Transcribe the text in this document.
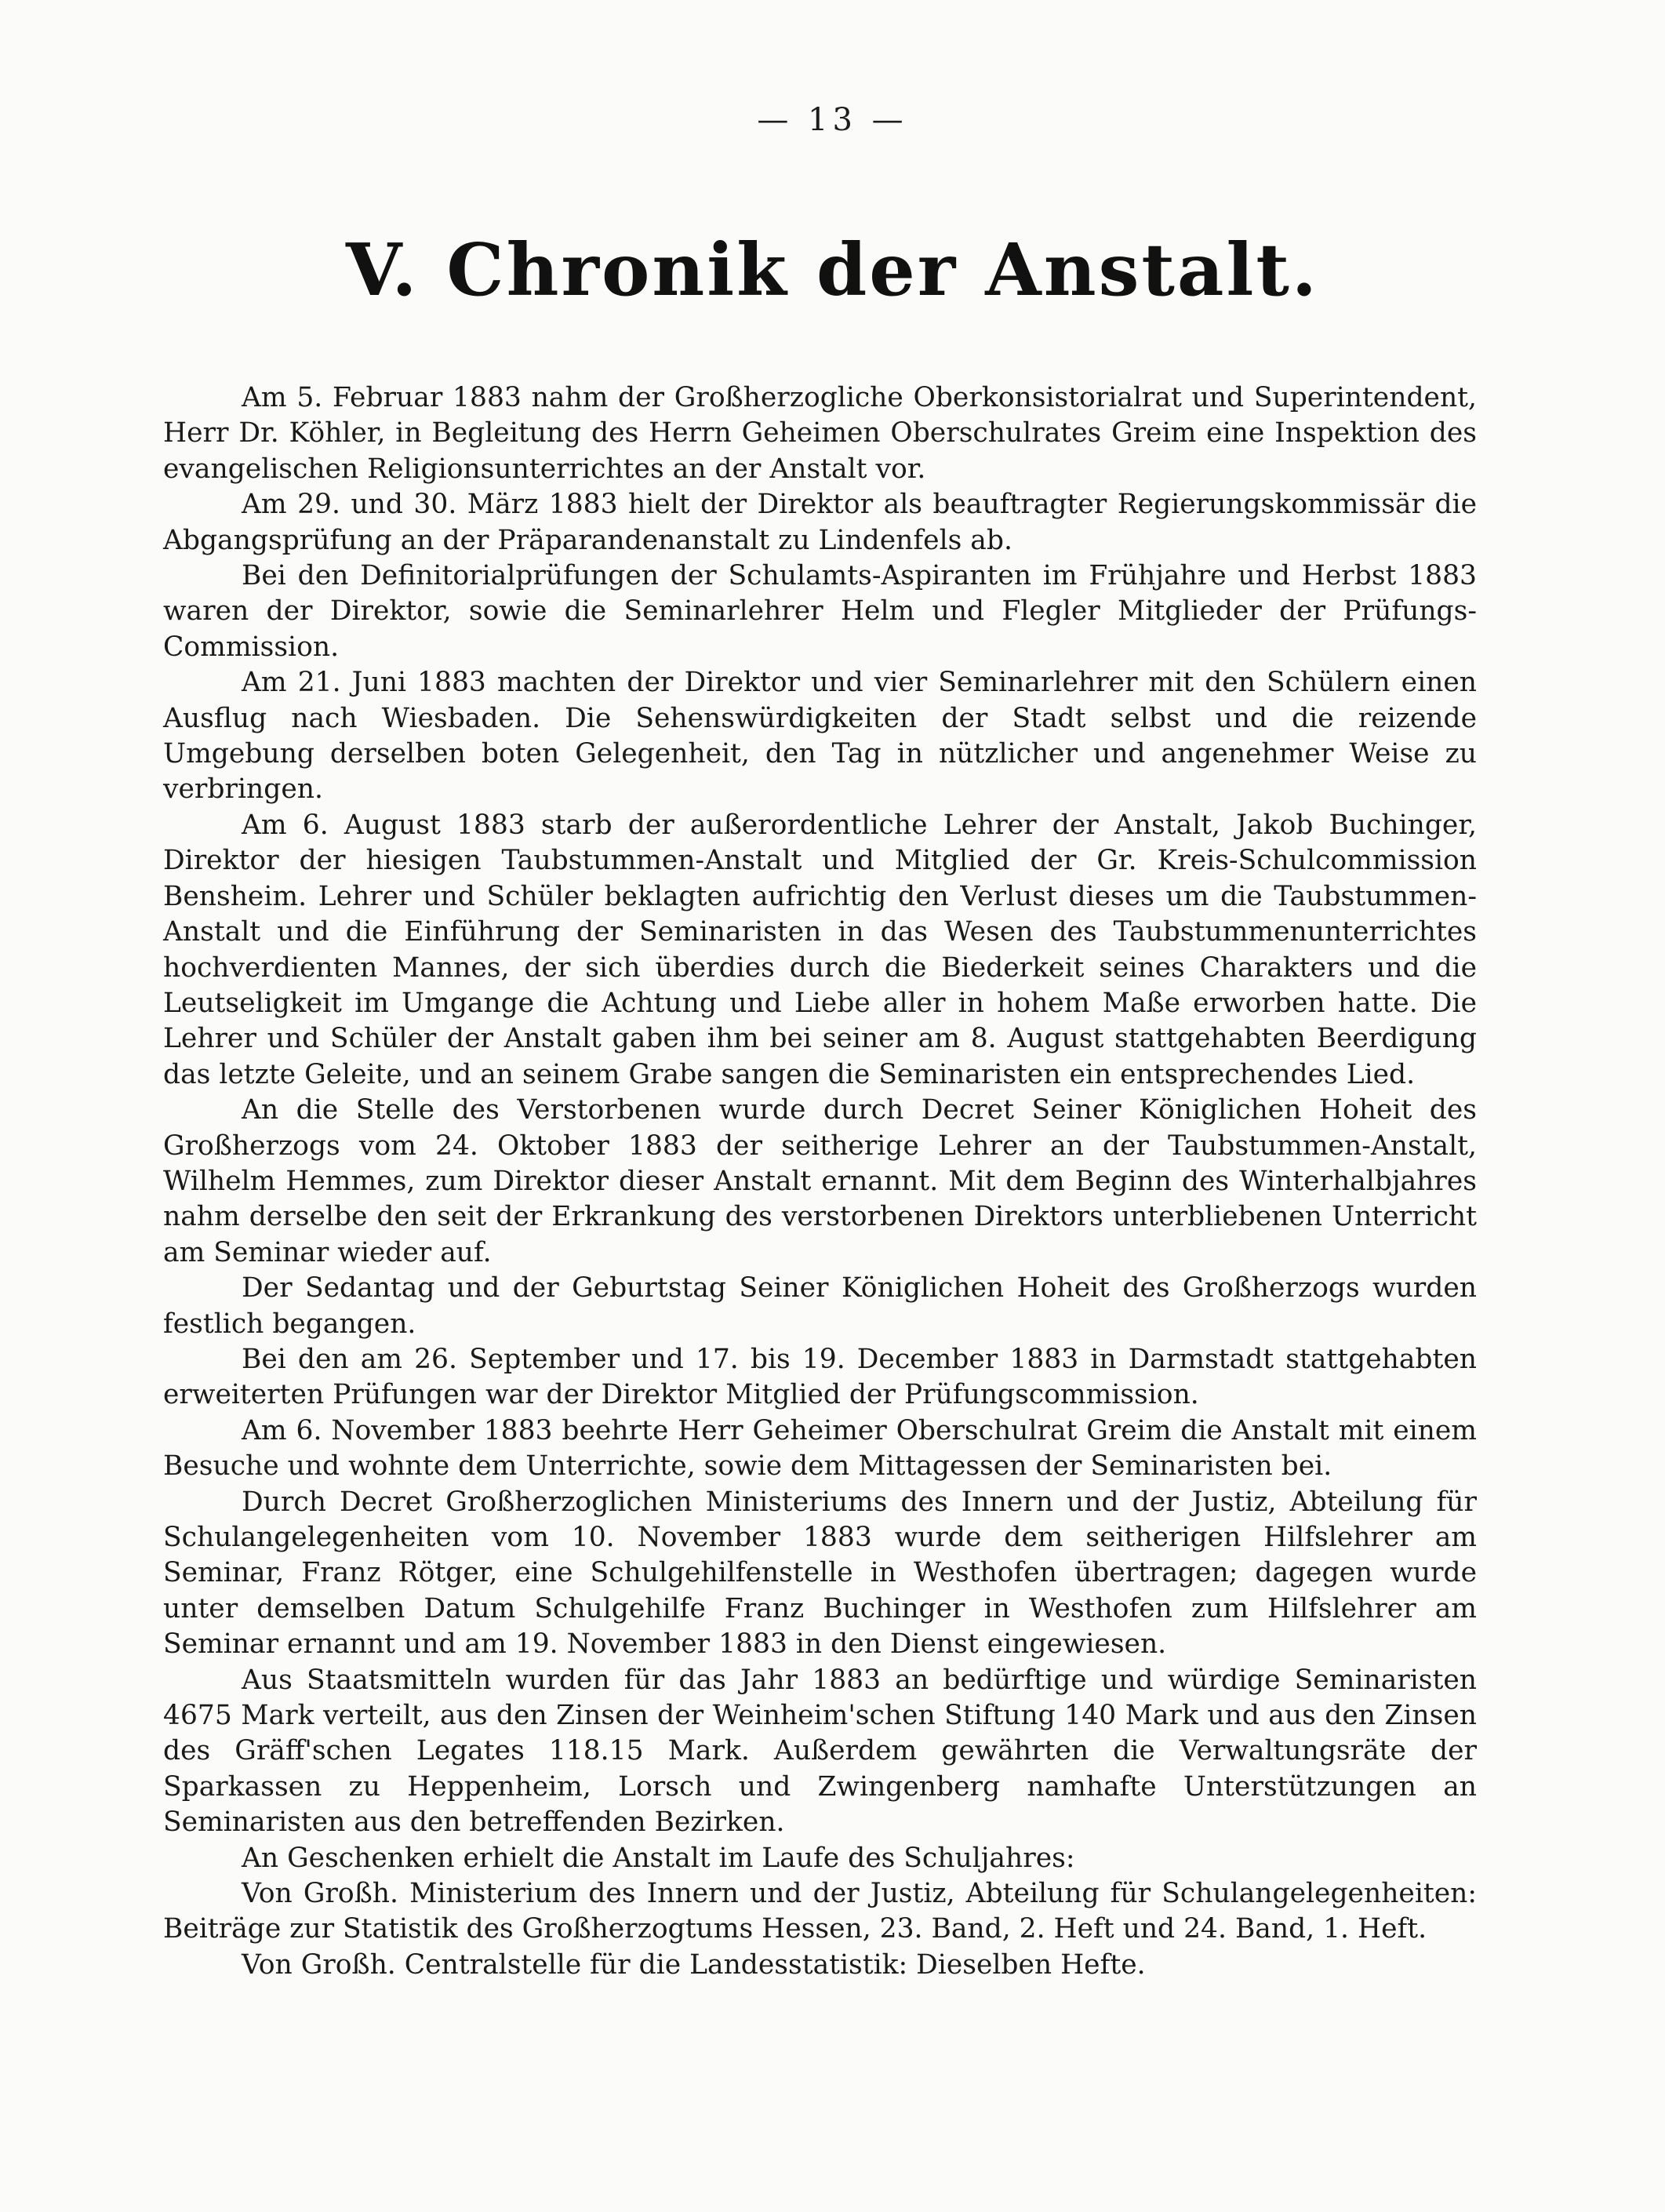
— 13 —
V. Chronik der Anstalt.

Am 5. Februar 1883 nahm der Großherzogliche Oberkonsistorialrat und Superintendent, Herr Dr. Köhler, in Begleitung des Herrn Geheimen Oberschulrates Greim eine Inspektion des evangelischen Religionsunterrichtes an der Anstalt vor.

Am 29. und 30. März 1883 hielt der Direktor als beauftragter Regierungskommissär die Abgangsprüfung an der Präparandenanstalt zu Lindenfels ab.

Bei den Definitorialprüfungen der Schulamts-Aspiranten im Frühjahre und Herbst 1883 waren der Direktor, sowie die Seminarlehrer Helm und Flegler Mitglieder der Prüfungs-Commission.

Am 21. Juni 1883 machten der Direktor und vier Seminarlehrer mit den Schülern einen Ausflug nach Wiesbaden. Die Sehenswürdigkeiten der Stadt selbst und die reizende Umgebung derselben boten Gelegenheit, den Tag in nützlicher und angenehmer Weise zu verbringen.

Am 6. August 1883 starb der außerordentliche Lehrer der Anstalt, Jakob Buchinger, Direktor der hiesigen Taubstummen-Anstalt und Mitglied der Gr. Kreis-Schulcommission Bensheim. Lehrer und Schüler beklagten aufrichtig den Verlust dieses um die Taubstummen-Anstalt und die Einführung der Seminaristen in das Wesen des Taubstummenunterrichtes hochverdienten Mannes, der sich überdies durch die Biederkeit seines Charakters und die Leutseligkeit im Umgange die Achtung und Liebe aller in hohem Maße erworben hatte. Die Lehrer und Schüler der Anstalt gaben ihm bei seiner am 8. August stattgehabten Beerdigung das letzte Geleite, und an seinem Grabe sangen die Seminaristen ein entsprechendes Lied.

An die Stelle des Verstorbenen wurde durch Decret Seiner Königlichen Hoheit des Großherzogs vom 24. Oktober 1883 der seitherige Lehrer an der Taubstummen-Anstalt, Wilhelm Hemmes, zum Direktor dieser Anstalt ernannt. Mit dem Beginn des Winterhalbjahres nahm derselbe den seit der Erkrankung des verstorbenen Direktors unterbliebenen Unterricht am Seminar wieder auf.

Der Sedantag und der Geburtstag Seiner Königlichen Hoheit des Großherzogs wurden festlich begangen.

Bei den am 26. September und 17. bis 19. December 1883 in Darmstadt stattgehabten erweiterten Prüfungen war der Direktor Mitglied der Prüfungscommission.

Am 6. November 1883 beehrte Herr Geheimer Oberschulrat Greim die Anstalt mit einem Besuche und wohnte dem Unterrichte, sowie dem Mittagessen der Seminaristen bei.

Durch Decret Großherzoglichen Ministeriums des Innern und der Justiz, Abteilung für Schulangelegenheiten vom 10. November 1883 wurde dem seitherigen Hilfslehrer am Seminar, Franz Rötger, eine Schulgehilfenstelle in Westhofen übertragen; dagegen wurde unter demselben Datum Schulgehilfe Franz Buchinger in Westhofen zum Hilfslehrer am Seminar ernannt und am 19. November 1883 in den Dienst eingewiesen.

Aus Staatsmitteln wurden für das Jahr 1883 an bedürftige und würdige Seminaristen 4675 Mark verteilt, aus den Zinsen der Weinheim'schen Stiftung 140 Mark und aus den Zinsen des Gräff'schen Legates 118.15 Mark. Außerdem gewährten die Verwaltungsräte der Sparkassen zu Heppenheim, Lorsch und Zwingenberg namhafte Unterstützungen an Seminaristen aus den betreffenden Bezirken.

An Geschenken erhielt die Anstalt im Laufe des Schuljahres:

Von Großh. Ministerium des Innern und der Justiz, Abteilung für Schulangelegenheiten: Beiträge zur Statistik des Großherzogtums Hessen, 23. Band, 2. Heft und 24. Band, 1. Heft.

Von Großh. Centralstelle für die Landesstatistik: Dieselben Hefte.
